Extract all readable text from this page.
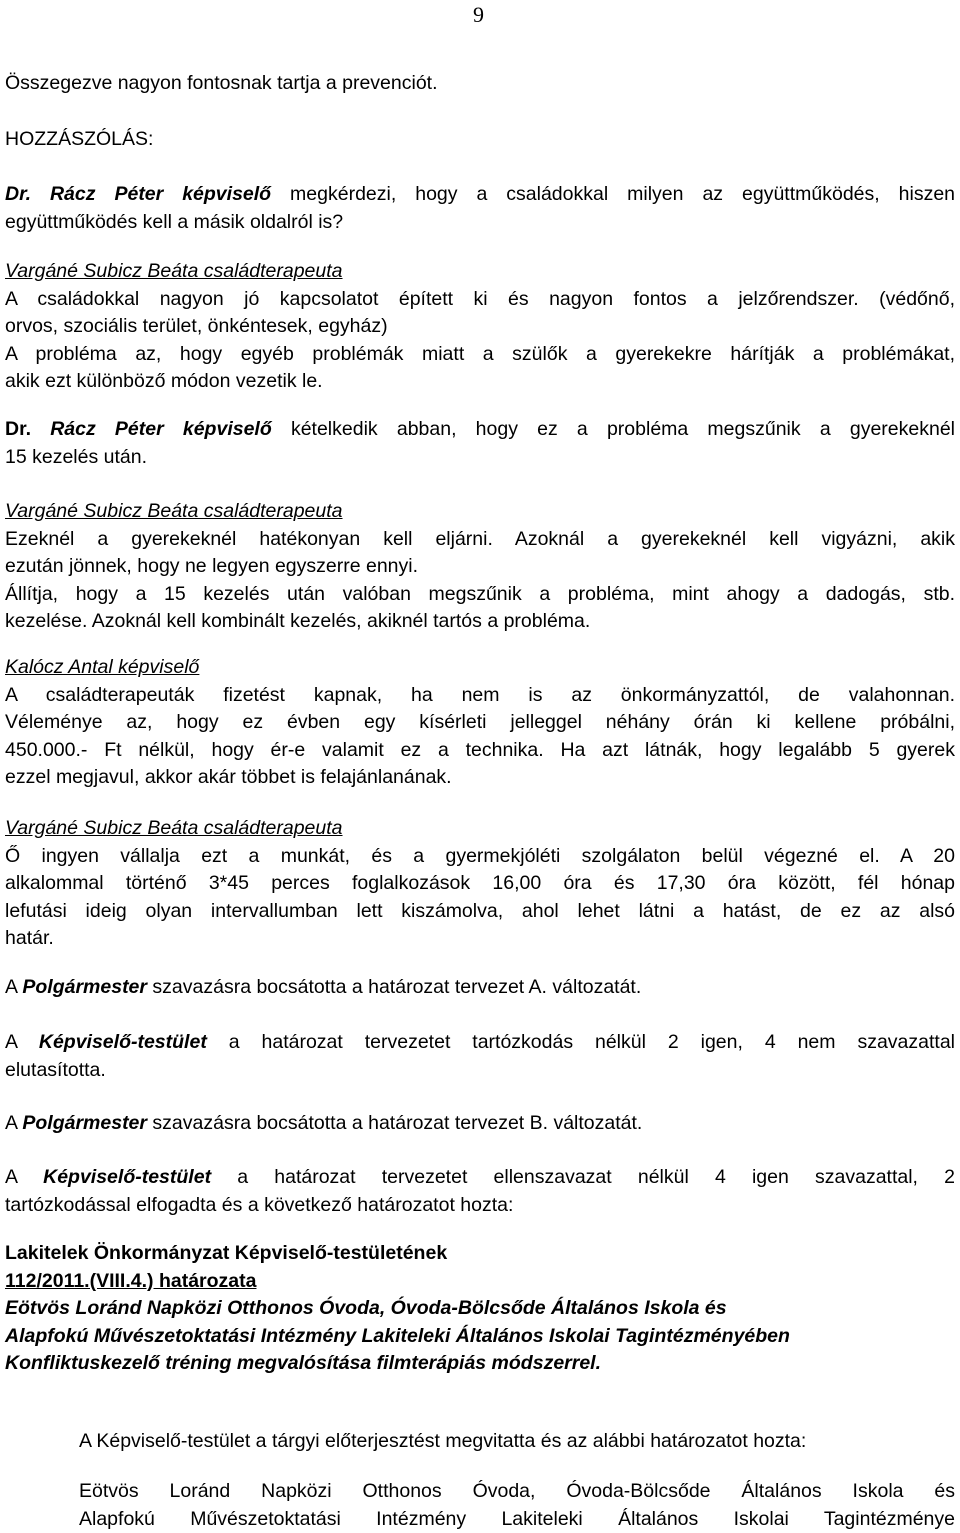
9
Összegezve nagyon fontosnak tartja a prevenciót.
HOZZÁSZÓLÁS:
Dr. Rácz Péter képviselő megkérdezi, hogy a családokkal milyen az együttműködés, hiszen
együttműködés kell a másik oldalról is?
Vargáné Subicz Beáta családterapeuta
A családokkal nagyon jó kapcsolatot épített ki és nagyon fontos a jelzőrendszer. (védőnő,
orvos, szociális terület, önkéntesek, egyház)
A probléma az, hogy egyéb problémák miatt a szülők a gyerekekre hárítják a problémákat,
akik ezt különböző módon vezetik le.
Dr. Rácz Péter képviselő kételkedik abban, hogy ez a probléma megszűnik a gyerekeknél
15 kezelés után.
Vargáné Subicz Beáta családterapeuta
Ezeknél a gyerekeknél hatékonyan kell eljárni. Azoknál a gyerekeknél kell vigyázni, akik
ezután jönnek, hogy ne legyen egyszerre ennyi.
Állítja, hogy a 15 kezelés után valóban megszűnik a probléma, mint ahogy a dadogás, stb.
kezelése. Azoknál kell kombinált kezelés, akiknél tartós a probléma.
Kalócz Antal képviselő
A családterapeuták fizetést kapnak, ha nem is az önkormányzattól, de valahonnan.
Véleménye az, hogy ez évben egy kísérleti jelleggel néhány órán ki kellene próbálni,
450.000.- Ft nélkül, hogy ér-e valamit ez a technika. Ha azt látnák, hogy legalább 5 gyerek
ezzel megjavul, akkor akár többet is felajánlanának.
Vargáné Subicz Beáta családterapeuta
Ő ingyen vállalja ezt a munkát, és a gyermekjóléti szolgálaton belül végezné el. A 20
alkalommal történő 3*45 perces foglalkozások 16,00 óra és 17,30 óra között, fél hónap
lefutási ideig olyan intervallumban lett kiszámolva, ahol lehet látni a hatást, de ez az alsó
határ.
A Polgármester szavazásra bocsátotta a határozat tervezet A. változatát.
A Képviselő-testület a határozat tervezetet tartózkodás nélkül 2 igen, 4 nem szavazattal
elutasította.
A Polgármester szavazásra bocsátotta a határozat tervezet B. változatát.
A Képviselő-testület a határozat tervezetet ellenszavazat nélkül 4 igen szavazattal, 2
tartózkodással elfogadta és a következő határozatot hozta:
Lakitelek Önkormányzat Képviselő-testületének
112/2011.(VIII.4.) határozata
Eötvös Loránd Napközi Otthonos Óvoda, Óvoda-Bölcsőde Általános Iskola és
Alapfokú Művészetoktatási Intézmény Lakiteleki Általános Iskolai Tagintézményében
Konfliktuskezelő tréning megvalósítása filmterápiás módszerrel.
A Képviselő-testület a tárgyi előterjesztést megvitatta és az alábbi határozatot hozta:
Eötvös Loránd Napközi Otthonos Óvoda, Óvoda-Bölcsőde Általános Iskola és
Alapfokú Művészetoktatási Intézmény Lakiteleki Általános Iskolai Tagintézménye
